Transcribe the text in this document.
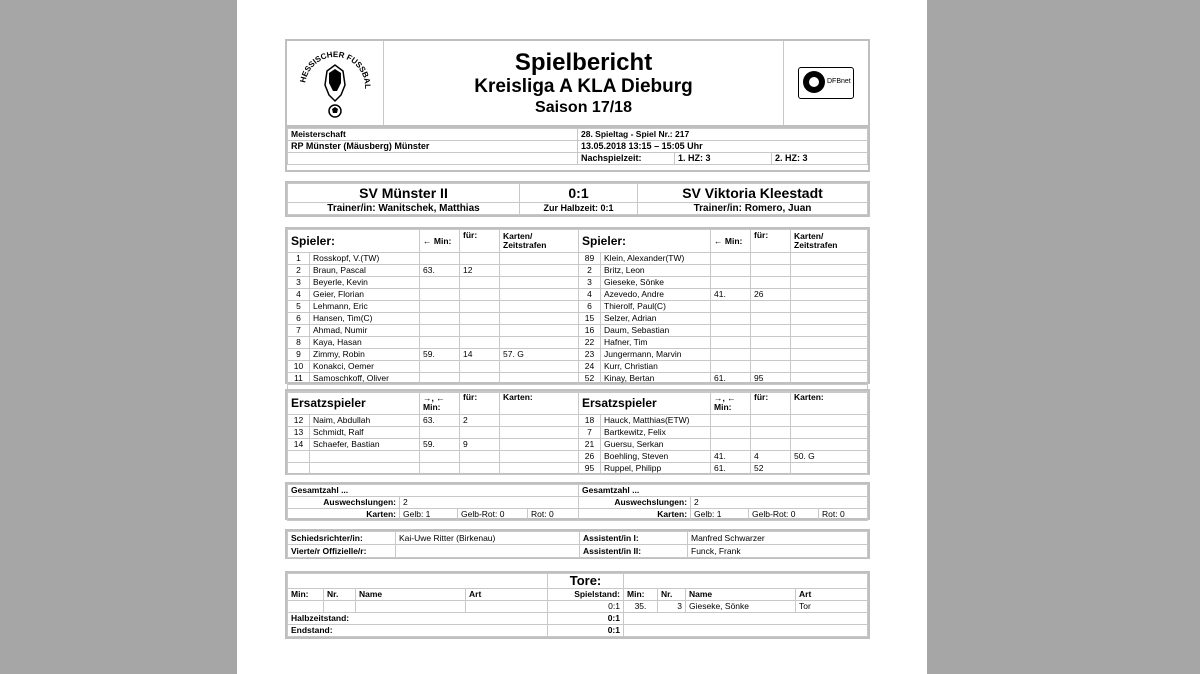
HESSISCHER FUSSBAL
Spielbericht
Kreisliga A KLA Dieburg
Saison 17/18
DFBnet
Meisterschaft	28. Spieltag - Spiel Nr.: 217		
RP Münster (Mäusberg) Münster	13.05.2018 13:15 – 15:05 Uhr		
	Nachspielzeit:	1. HZ: 3	2. HZ: 3
SV Münster II	0:1	SV Viktoria Kleestadt
Trainer/in: Wanitschek, Matthias	Zur Halbzeit: 0:1	Trainer/in: Romero, Juan
Spieler:		← Min:	für:	Karten/ Zeitstrafen	Spieler:		← Min:	für:	Karten/ Zeitstrafen
1	Rosskopf, V.(TW)				89	Klein, Alexander(TW)			
2	Braun, Pascal	63.	12		2	Britz, Leon			
3	Beyerle, Kevin				3	Gieseke, Sönke			
4	Geier, Florian				4	Azevedo, Andre	41.	26	
5	Lehmann, Eric				6	Thierolf, Paul(C)			
6	Hansen, Tim(C)				15	Selzer, Adrian			
7	Ahmad, Numir				16	Daum, Sebastian			
8	Kaya, Hasan				22	Hafner, Tim			
9	Zimmy, Robin	59.	14	57. G	23	Jungermann, Marvin			
10	Konakci, Oemer				24	Kurr, Christian			
11	Samoschkoff, Oliver				52	Kinay, Bertan	61.	95	

Ersatzspieler		→, ← Min:	für:	Karten:	Ersatzspieler		→, ← Min:	für:	Karten:
12	Naim, Abdullah	63.	2		18	Hauck, Matthias(ETW)			
13	Schmidt, Ralf				7	Bartkewitz, Felix			
14	Schaefer, Bastian	59.	9		21	Guersu, Serkan			
					26	Boehling, Steven	41.	4	50. G
					95	Ruppel, Philipp	61.	52	
Gesamtzahl ...				Gesamtzahl ...			
Auswechslungen:	2			Auswechslungen:	2		
Karten:	Gelb: 1	Gelb-Rot: 0	Rot: 0	Karten:	Gelb: 1	Gelb-Rot: 0	Rot: 0
Schiedsrichter/in:	Kai-Uwe Ritter (Birkenau)	Assistent/in I:	Manfred Schwarzer
Vierte/r Offizielle/r:		Assistent/in II:	Funck, Frank
				Tore:				
Min:	Nr.	Name	Art	Spielstand:	Min:	Nr.	Name	Art
				0:1	35.	3	Gieseke, Sönke	Tor
Halbzeitstand:				0:1				
Endstand:				0:1				
